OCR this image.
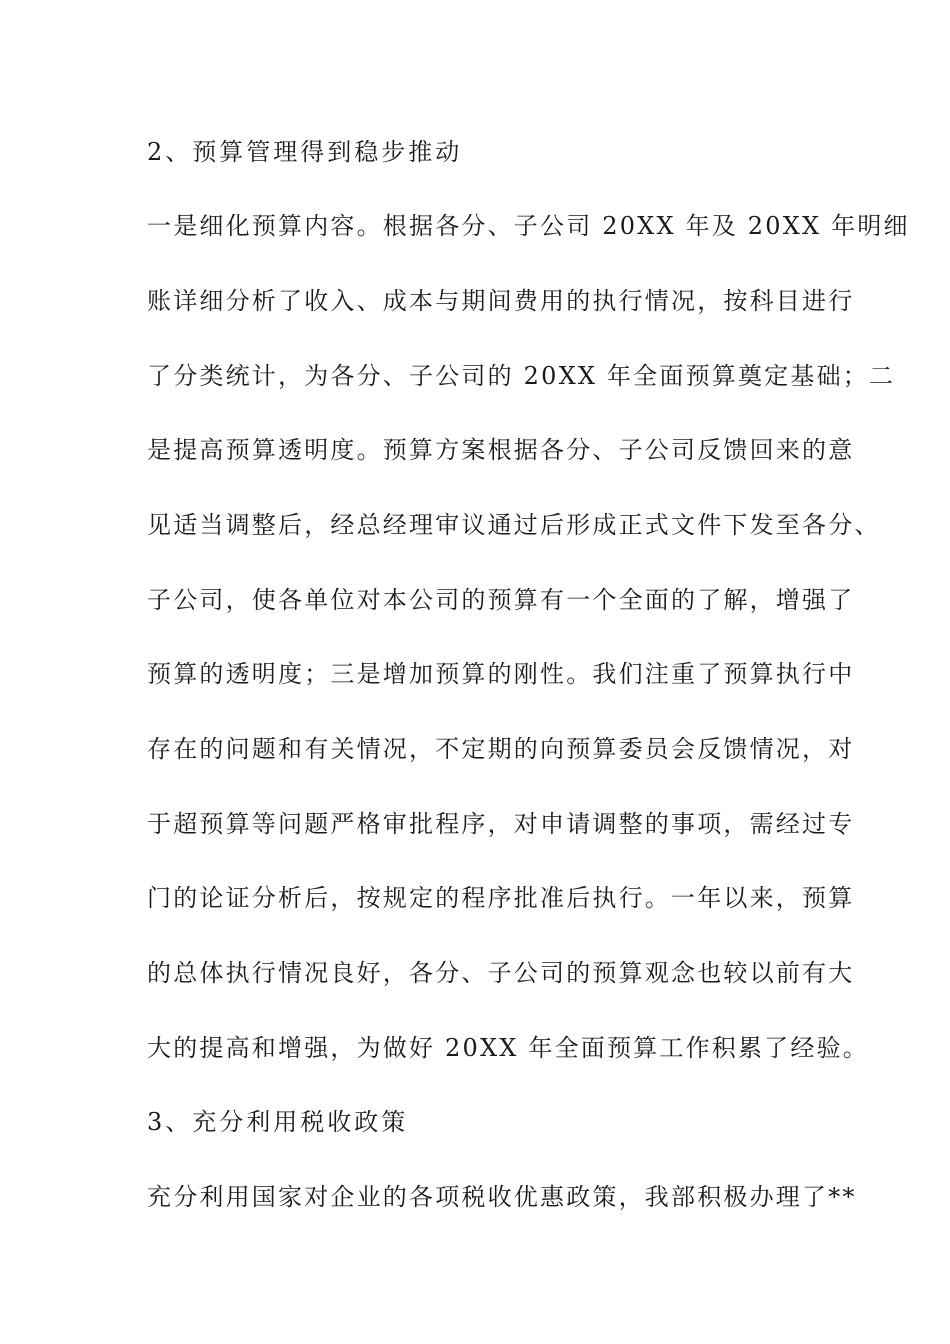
2、预算管理得到稳步推动
一是细化预算内容。根据各分、子公司 20XX 年及 20XX 年明细
账详细分析了收入、成本与期间费用的执行情况，按科目进行
了分类统计，为各分、子公司的 20XX 年全面预算奠定基础；二
是提高预算透明度。预算方案根据各分、子公司反馈回来的意
见适当调整后，经总经理审议通过后形成正式文件下发至各分、
子公司，使各单位对本公司的预算有一个全面的了解，增强了
预算的透明度；三是增加预算的刚性。我们注重了预算执行中
存在的问题和有关情况，不定期的向预算委员会反馈情况，对
于超预算等问题严格审批程序，对申请调整的事项，需经过专
门的论证分析后，按规定的程序批准后执行。一年以来，预算
的总体执行情况良好，各分、子公司的预算观念也较以前有大
大的提高和增强，为做好 20XX 年全面预算工作积累了经验。
3、充分利用税收政策
充分利用国家对企业的各项税收优惠政策，我部积极办理了**
